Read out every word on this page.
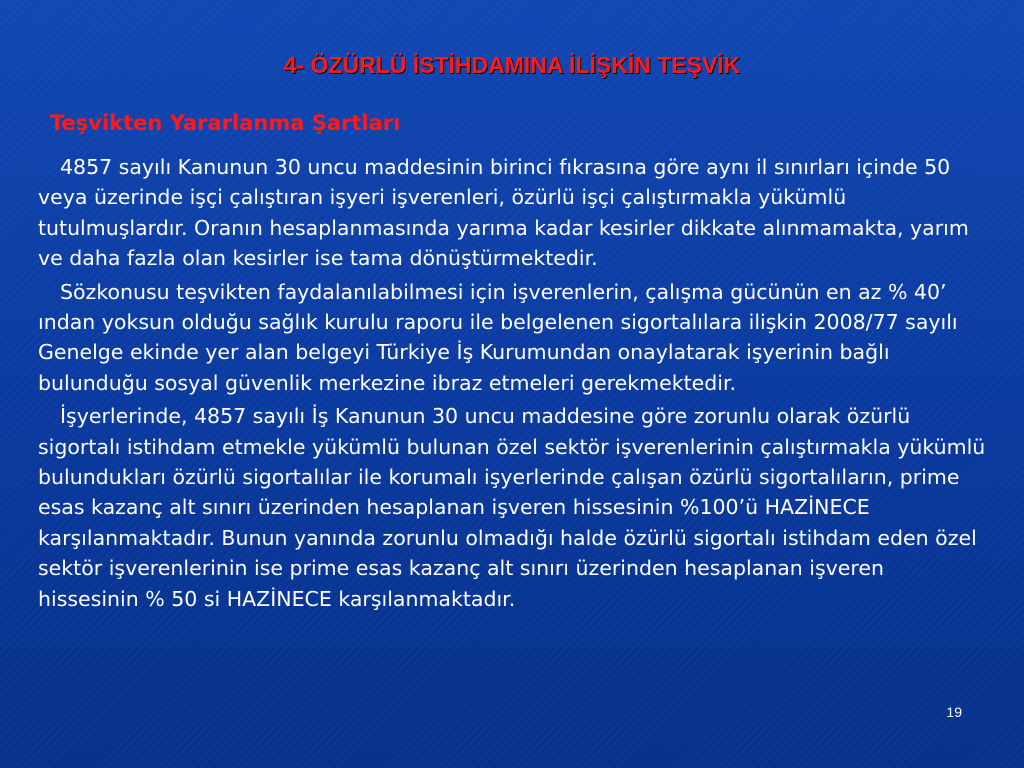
4- ÖZÜRLÜ İSTİHDAMINA İLİŞKİN TEŞVİK
Teşvikten Yararlanma Şartları

4857 sayılı Kanunun 30 uncu maddesinin birinci fıkrasına göre aynı il sınırları içinde 50 veya üzerinde işçi çalıştıran işyeri işverenleri, özürlü işçi çalıştırmakla yükümlü tutulmuşlardır. Oranın hesaplanmasında yarıma kadar kesirler dikkate alınmamakta, yarım ve daha fazla olan kesirler ise tama dönüştürmektedir.

Sözkonusu teşvikten faydalanılabilmesi için işverenlerin, çalışma gücünün en az % 40’ ından yoksun olduğu sağlık kurulu raporu ile belgelenen sigortalılara ilişkin 2008/77 sayılı Genelge ekinde yer alan belgeyi Türkiye İş Kurumundan onaylatarak işyerinin bağlı bulunduğu sosyal güvenlik merkezine ibraz etmeleri gerekmektedir.

İşyerlerinde, 4857 sayılı İş Kanunun 30 uncu maddesine göre zorunlu olarak özürlü sigortalı istihdam etmekle yükümlü bulunan özel sektör işverenlerinin çalıştırmakla yükümlü bulundukları özürlü sigortalılar ile korumalı işyerlerinde çalışan özürlü sigortalıların, prime esas kazanç alt sınırı üzerinden hesaplanan işveren hissesinin %100’ü HAZİNECE karşılanmaktadır. Bunun yanında zorunlu olmadığı halde özürlü sigortalı istihdam eden özel sektör işverenlerinin ise prime esas kazanç alt sınırı üzerinden hesaplanan işveren hissesinin % 50 si HAZİNECE karşılanmaktadır.

19
